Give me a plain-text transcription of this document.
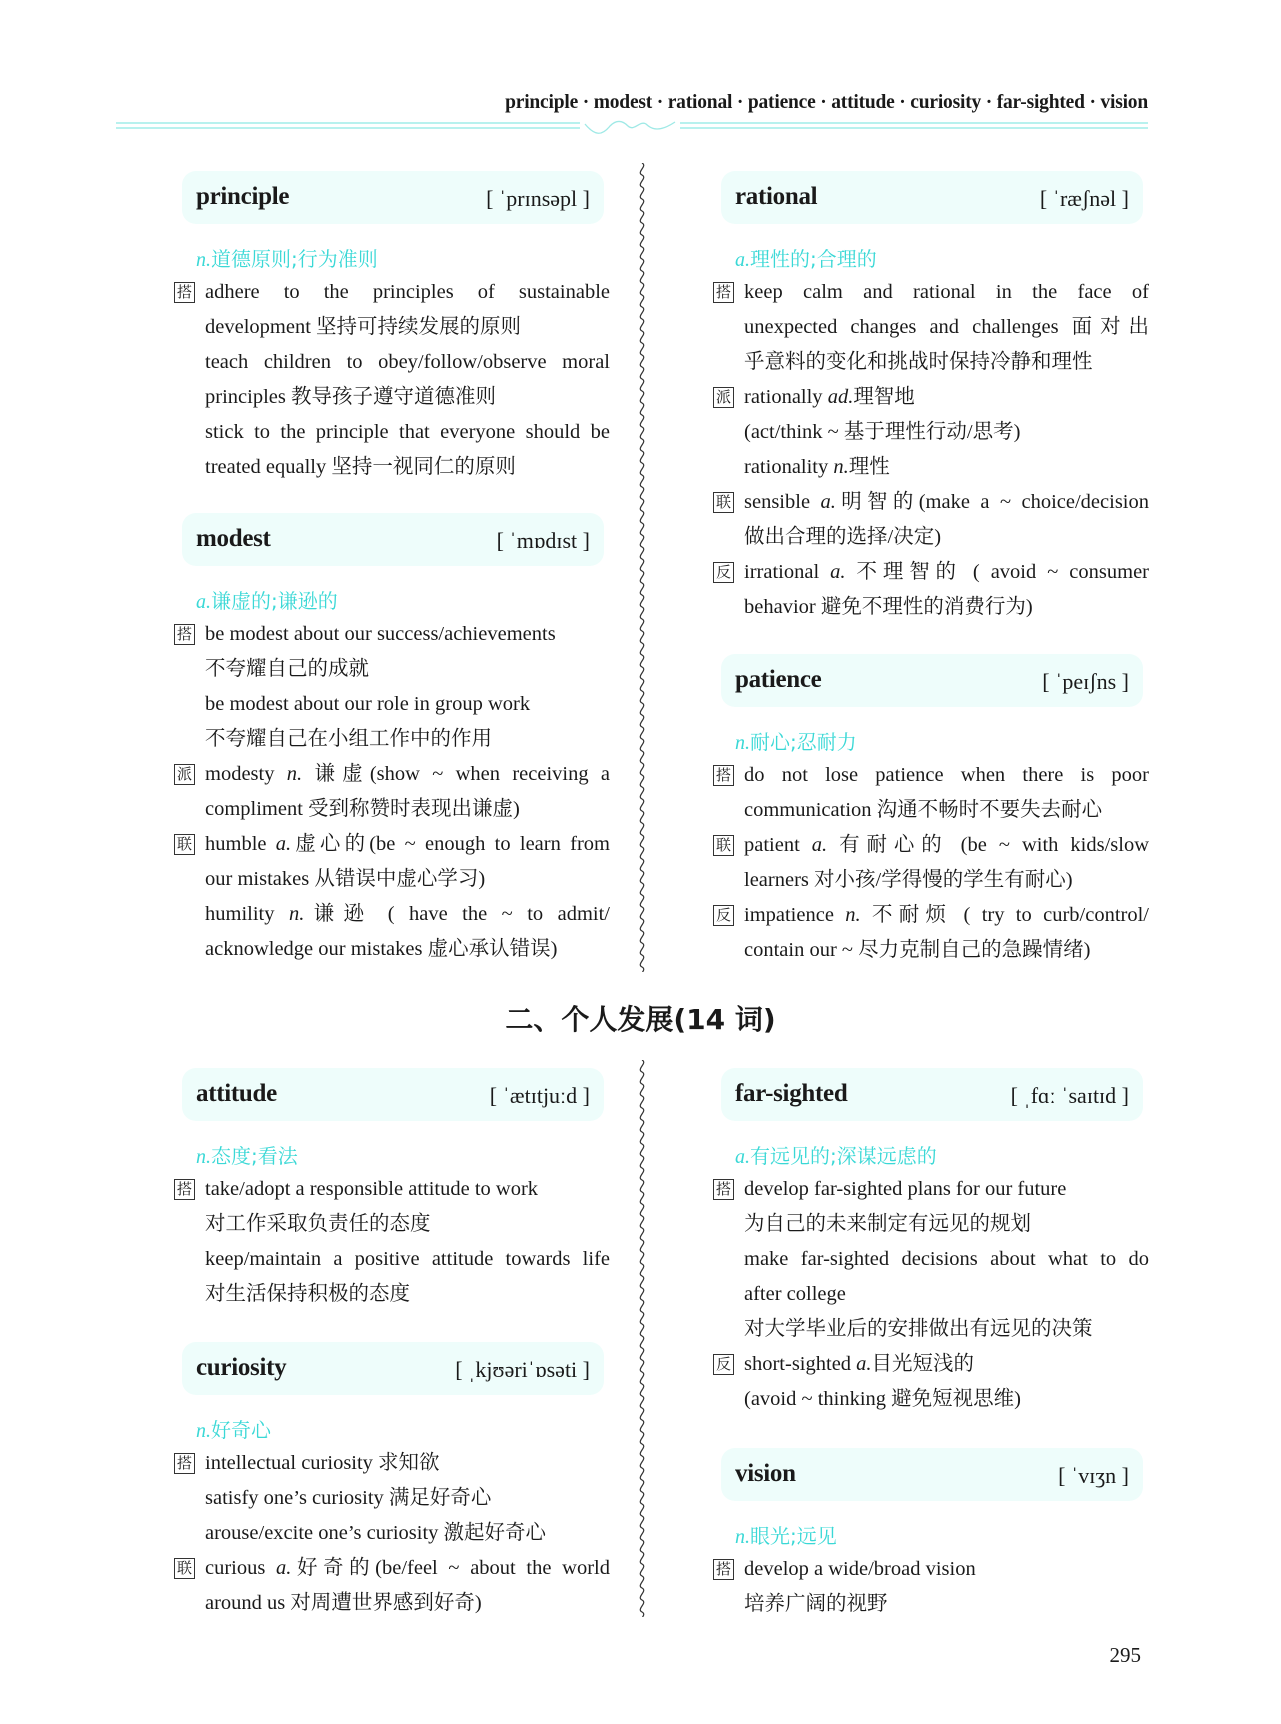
principle · modest · rational · patience · attitude · curiosity · far-sighted · vision
principle	[ ˈprɪnsəpl ]
n.道德原则;行为准则
搭 adhere to the principles of sustainable
development 坚持可持续发展的原则
teach children to obey/follow/observe moral
principles 教导孩子遵守道德准则
stick to the principle that everyone should be
treated equally 坚持一视同仁的原则
modest	[ ˈmɒdɪst ]
a.谦虚的;谦逊的
搭 be modest about our success/achievements
不夸耀自己的成就
be modest about our role in group work
不夸耀自己在小组工作中的作用
派 modesty n. 谦虚(show ~ when receiving a
compliment 受到称赞时表现出谦虚)
联 humble a.虚心的(be ~ enough to learn from
our mistakes 从错误中虚心学习)
humility n.谦逊 ( have the ~ to admit/
acknowledge our mistakes 虚心承认错误)
rational	[ ˈræʃnəl ]
a.理性的;合理的
搭 keep calm and rational in the face of
unexpected changes and challenges 面对出
乎意料的变化和挑战时保持冷静和理性
派 rationally ad.理智地
(act/think ~ 基于理性行动/思考)
rationality n.理性
联 sensible a.明智的(make a ~ choice/decision
做出合理的选择/决定)
反 irrational a. 不理智的 ( avoid ~ consumer
behavior 避免不理性的消费行为)
patience	[ ˈpeɪʃns ]
n.耐心;忍耐力
搭 do not lose patience when there is poor
communication 沟通不畅时不要失去耐心
联 patient a. 有耐心的 (be ~ with kids/slow
learners 对小孩/学得慢的学生有耐心)
反 impatience n. 不耐烦 ( try to curb/control/
contain our ~ 尽力克制自己的急躁情绪)
attitude	[ ˈætɪtjuːd ]
n.态度;看法
搭 take/adopt a responsible attitude to work
对工作采取负责任的态度
keep/maintain a positive attitude towards life
对生活保持积极的态度
curiosity	[ ˌkjʊəriˈɒsəti ]
n.好奇心
搭 intellectual curiosity 求知欲
satisfy one’s curiosity 满足好奇心
arouse/excite one’s curiosity 激起好奇心
联 curious a.好奇的(be/feel ~ about the world
around us 对周遭世界感到好奇)
far-sighted	[ ˌfɑː ˈsaɪtɪd ]
a.有远见的;深谋远虑的
搭 develop far-sighted plans for our future
为自己的未来制定有远见的规划
make far-sighted decisions about what to do
after college
对大学毕业后的安排做出有远见的决策
反 short-sighted a.目光短浅的
(avoid ~ thinking 避免短视思维)
vision	[ ˈvɪʒn ]
n.眼光;远见
搭 develop a wide/broad vision
培养广阔的视野
二、个人发展(14 词)
295
